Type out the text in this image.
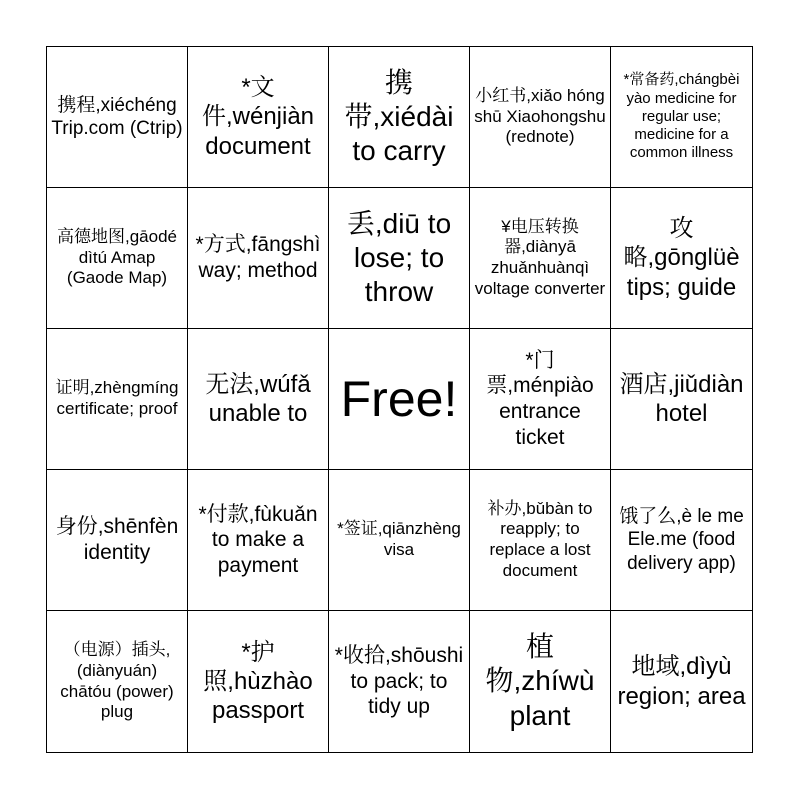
携程,xiéchéng Trip.com (Ctrip)
*文件,wénjiàn document
携带,xiédài to carry
小红书,xiǎo hóng shū Xiaohongshu (rednote)
*常备药,chángbèi yào medicine for regular use; medicine for a common illness
高德地图,gāodé dìtú Amap (Gaode Map)
*方式,fāngshì way; method
丢,diū to lose; to throw
¥电压转换器,diànyā zhuǎnhuànqì voltage converter
攻略,gōnglüè tips; guide
证明,zhèngmíng certificate; proof
无法,wúfǎ unable to Free!
*门票,ménpiào entrance ticket
酒店,jiǔdiàn hotel
身份,shēnfèn identity
*付款,fùkuǎn to make a payment
*签证,qiānzhèng visa
补办,bǔbàn to reapply; to replace a lost document
饿了么,è le me Ele.me (food delivery app)
（电源）插头,(diànyuán) chātóu (power) plug
*护照,hùzhào passport
*收拾,shōushi to pack; to tidy up
植物,zhíwù plant
地域,dìyù region; area
